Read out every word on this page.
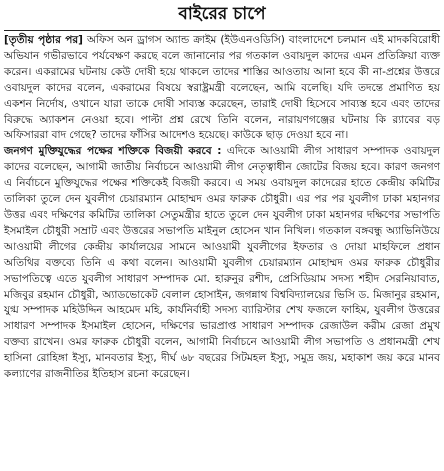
বাইরের চাপে

[তৃতীয় পৃষ্ঠার পর] অফিস অন ড্রাগস অ্যান্ড ক্রাইম (ইউএনওডিসি) বাংলাদেশে চলমান এই মাদকবিরোধী অভিযান গভীরভাবে পর্যবেক্ষণ করছে বলে জানানোর পর গতকাল ওবায়দুল কাদের এমন প্রতিক্রিয়া ব্যক্ত করেন। একরামের ঘটনায় কেউ দোষী হয়ে থাকলে তাদের শাস্তির আওতায় আনা হবে কী না-প্রশ্নের উত্তরে ওবায়দুল কাদের বলেন, একরামের বিষয়ে স্বরাষ্ট্রমন্ত্রী বলেছেন, আমি বলেছি। যদি তদন্তে প্রমাণিত হয় একশন নির্দোষ, ওখানে যারা তাকে দোষী সাব্যস্ত করেছেন, তারাই দোষী হিসেবে সাব্যস্ত হবে এবং তাদের বিরুদ্ধে অ্যাকশন নেওয়া হবে। পাল্টা প্রশ্ন রেখে তিনি বলেন, নারায়ণগঞ্জের ঘটনায় কি র‌্যাবের বড় অফিসাররা বাদ গেছে? তাদের ফাঁসির আদেশও হয়েছে। কাউকে ছাড় দেওয়া হবে না।

জনগণ মুক্তিযুদ্ধের পক্ষের শক্তিকে বিজয়ী করবে : এদিকে আওয়ামী লীগ সাধারণ সম্পাদক ওবায়দুল কাদের বলেছেন, আগামী জাতীয় নির্বাচনে আওয়ামী লীগ নেতৃত্বাধীন জোটের বিজয় হবে। কারণ জনগণ এ নির্বাচনে মুক্তিযুদ্ধের পক্ষের শক্তিকেই বিজয়ী করবে। এ সময় ওবায়দুল কাদেরের হাতে কেন্দ্রীয় কমিটির তালিকা তুলে দেন যুবলীগ চেয়ারম্যান মোহাম্মদ ওমর ফারুক চৌধুরী। এর পর পর যুবলীগ ঢাকা মহানগর উত্তর এবং দক্ষিণের কমিটির তালিকা সেতুমন্ত্রীর হাতে তুলে দেন যুবলীগ ঢাকা মহানগর দক্ষিণের সভাপতি ইসমাইল চৌধুরী সম্রাট এবং উত্তরের সভাপতি মাইনুল হোসেন খান নিখিল। গতকাল বঙ্গবন্ধু অ্যাভিনিউয়ে আওয়ামী লীগের কেন্দ্রীয় কার্যালয়ের সামনে আওয়ামী যুবলীগের ইফতার ও দোয়া মাহফিলে প্রধান অতিথির বক্তব্যে তিনি এ কথা বলেন। আওয়ামী যুবলীগ চেয়ারম্যান মোহাম্মদ ওমর ফারুক চৌধুরীর সভাপতিত্বে এতে যুবলীগ সাধারণ সম্পাদক মো. হারুনুর রশীদ, প্রেসিডিয়াম সদস্য শহীদ সেরনিয়াবাত, মজিবুর রহমান চৌধুরী, অ্যাডভোকেট বেলাল হোসাইন, জগন্নাথ বিশ্ববিদ্যালয়ের ভিসি ড. মিজানুর রহমান, যুগ্ম সম্পাদক মহিউদ্দিন আহমেদ মহি, কার্যনির্বাহী সদস্য ব্যারিস্টার শেখ ফজলে ফাহিম, যুবলীগ উত্তরের সাধারণ সম্পাদক ইসমাইল হোসেন, দক্ষিণের ভারপ্রাপ্ত সাধারণ সম্পাদক রেজাউল করীম রেজা প্রমুখ বক্তব্য রাখেন। ওমর ফারুক চৌধুরী বলেন, আগামী নির্বাচনে আওয়ামী লীগ সভাপতি ও প্রধানমন্ত্রী শেখ হাসিনা রোহিঙ্গা ইস্যু, মানবতার ইস্যু, দীর্ঘ ৬৮ বছরের সিটমহল ইস্যু, সমুদ্র জয়, মহাকাশ জয় করে মানব কল্যাণের রাজনীতির ইতিহাস রচনা করেছেন।
